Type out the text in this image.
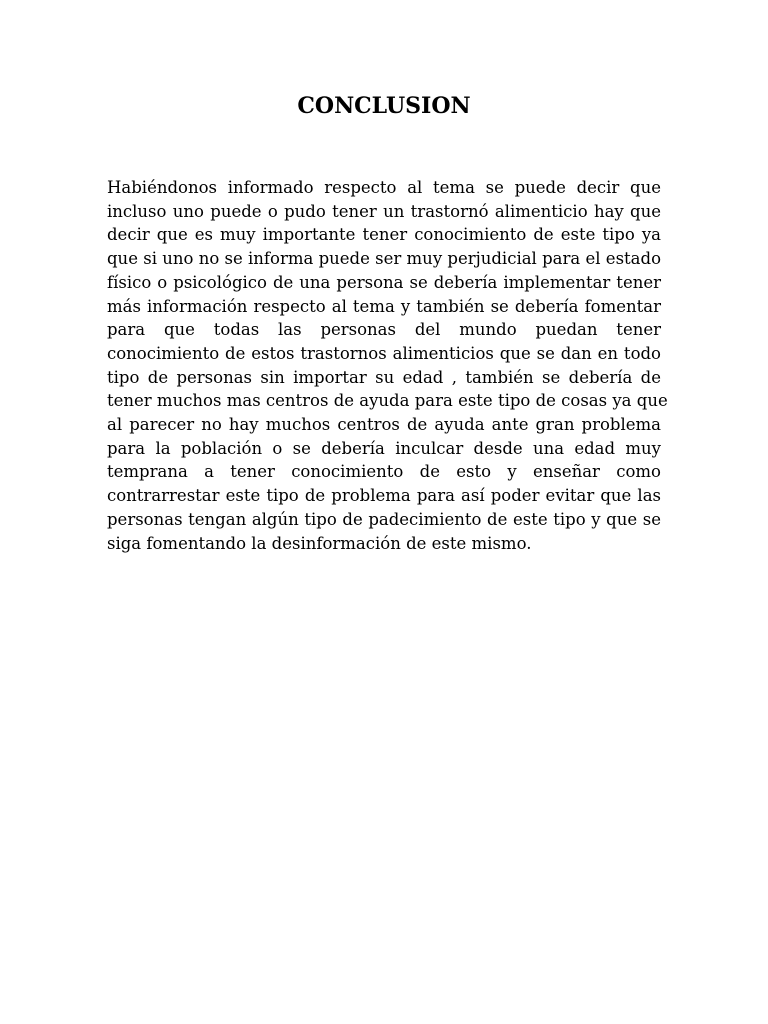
CONCLUSION

Habiéndonos informado respecto al tema se puede decir que
incluso uno puede o pudo tener un trastornó alimenticio hay que
decir que es muy importante tener conocimiento de este tipo ya
que si uno no se informa puede ser muy perjudicial para el estado
físico o psicológico de una persona se debería implementar tener
más información respecto al tema y también se debería fomentar
para que todas las personas del mundo puedan tener
conocimiento de estos trastornos alimenticios que se dan en todo
tipo de personas sin importar su edad , también se debería de
tener muchos mas centros de ayuda para este tipo de cosas ya que
al parecer no hay muchos centros de ayuda ante gran problema
para la población o se debería inculcar desde una edad muy
temprana a tener conocimiento de esto y enseñar como
contrarrestar este tipo de problema para así poder evitar que las
personas tengan algún tipo de padecimiento de este tipo y que se
siga fomentando la desinformación de este mismo.
